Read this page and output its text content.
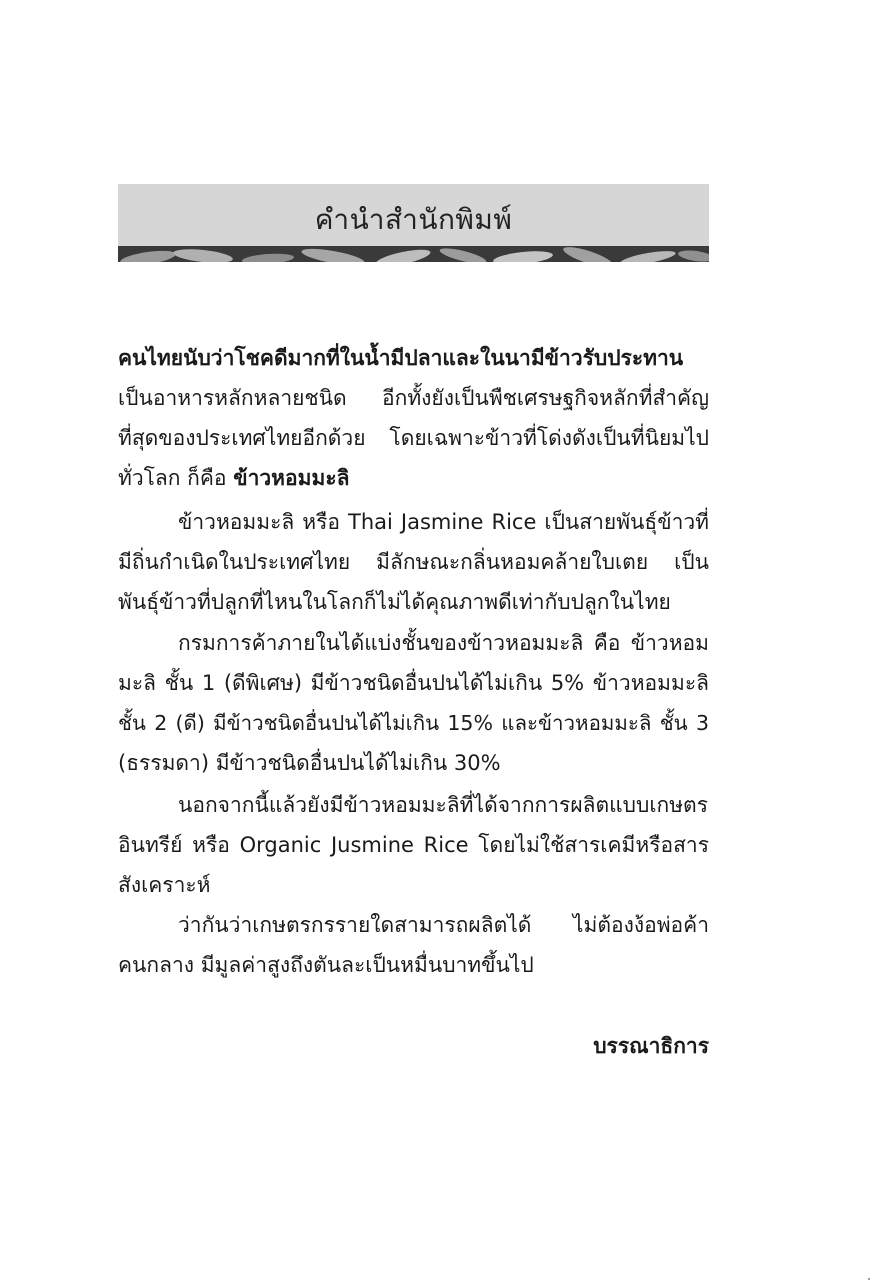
คำนำสำนักพิมพ์
คนไทยนับว่าโชคดีมากที่ในน้ำมีปลาและในนามีข้าวรับประทาน
เป็นอาหารหลักหลายชนิด อีกทั้งยังเป็นพืชเศรษฐกิจหลักที่สำคัญ
ที่สุดของประเทศไทยอีกด้วย โดยเฉพาะข้าวที่โด่งดังเป็นที่นิยมไป
ทั่วโลก ก็คือ ข้าวหอมมะลิ
ข้าวหอมมะลิ หรือ Thai Jasmine Rice เป็นสายพันธุ์ข้าวที่
มีถิ่นกำเนิดในประเทศไทย มีลักษณะกลิ่นหอมคล้ายใบเตย เป็น
พันธุ์ข้าวที่ปลูกที่ไหนในโลกก็ไม่ได้คุณภาพดีเท่ากับปลูกในไทย
กรมการค้าภายในได้แบ่งชั้นของข้าวหอมมะลิ คือ ข้าวหอม
มะลิ ชั้น 1 (ดีพิเศษ) มีข้าวชนิดอื่นปนได้ไม่เกิน 5% ข้าวหอมมะลิ
ชั้น 2 (ดี) มีข้าวชนิดอื่นปนได้ไม่เกิน 15% และข้าวหอมมะลิ ชั้น 3
(ธรรมดา) มีข้าวชนิดอื่นปนได้ไม่เกิน 30%
นอกจากนี้แล้วยังมีข้าวหอมมะลิที่ได้จากการผลิตแบบเกษตร
อินทรีย์ หรือ Organic Jusmine Rice โดยไม่ใช้สารเคมีหรือสาร
สังเคราะห์
ว่ากันว่าเกษตรกรรายใดสามารถผลิตได้ ไม่ต้องง้อพ่อค้า
คนกลาง มีมูลค่าสูงถึงตันละเป็นหมื่นบาทขึ้นไป
บรรณาธิการ
